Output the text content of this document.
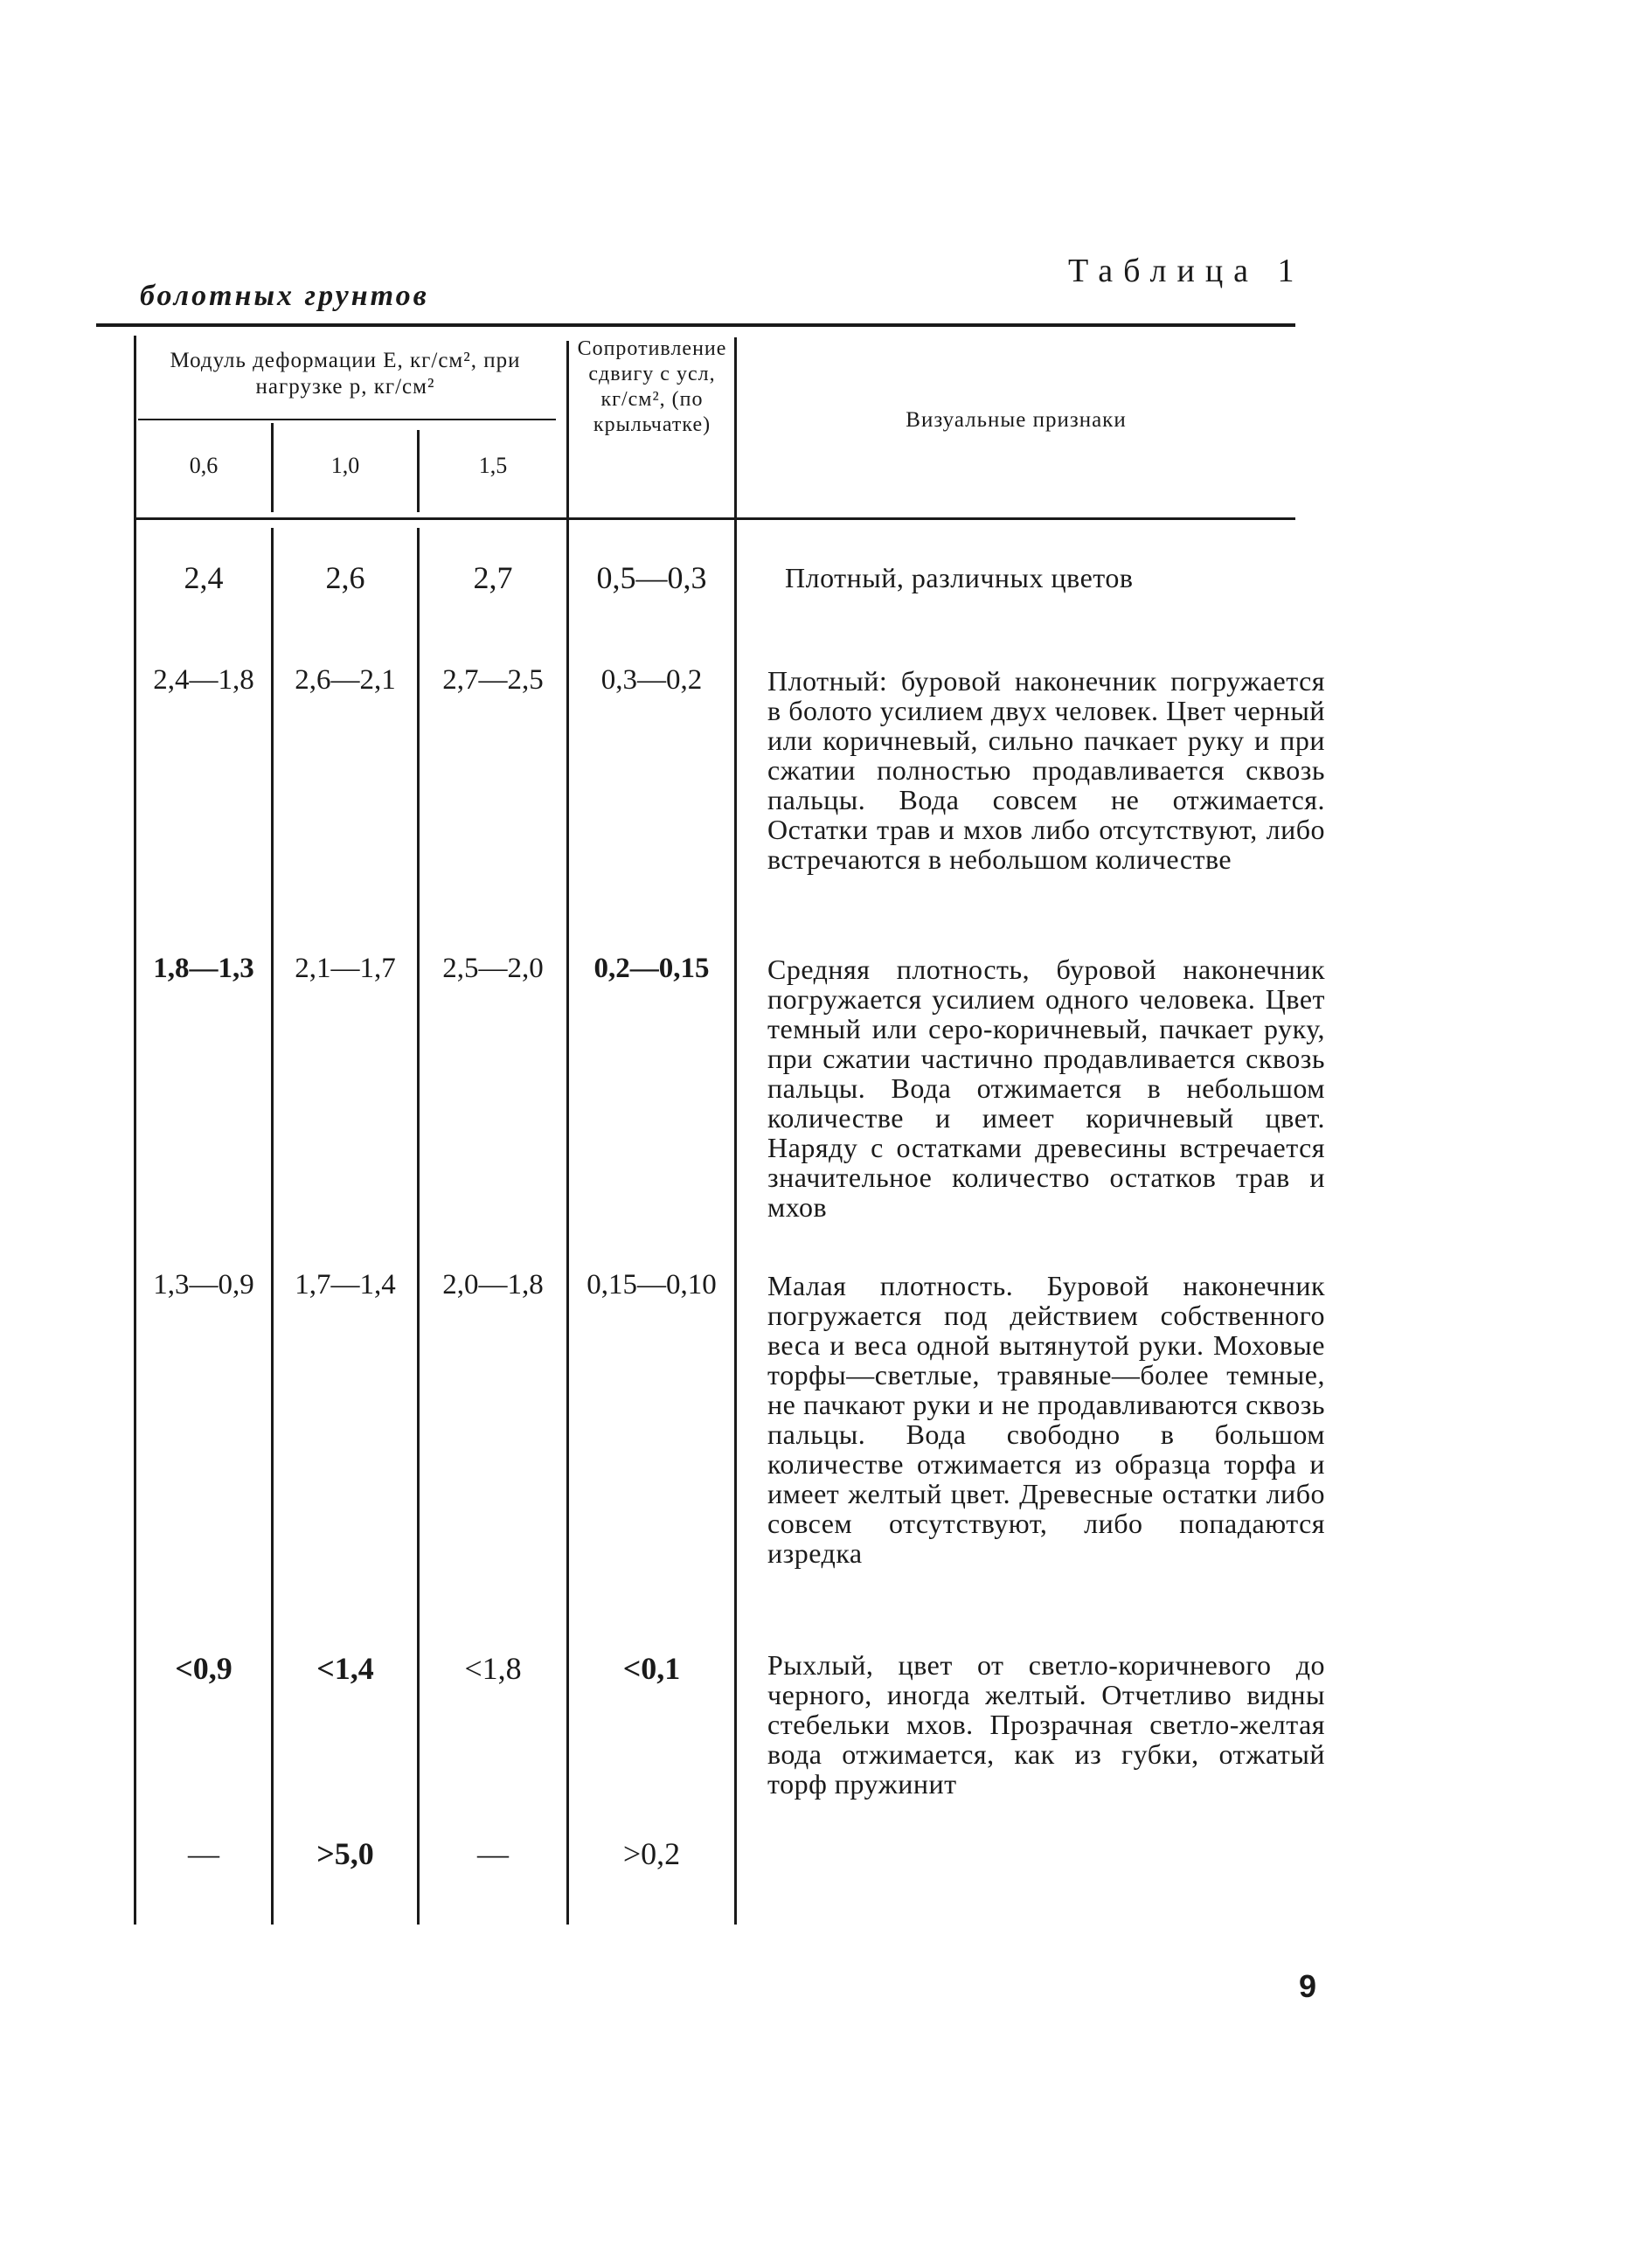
болотных грунтов
Таблица 1
Модуль деформации E, кг/см², при нагрузке p, кг/см²
0,6	1,0	1,5
Сопротивление сдвигу c усл, кг/см², (по крыльчатке)	Визуальные признаки
2,4	2,6	2,7	0,5—0,3	Плотный, различных цветов
2,4—1,8	2,6—2,1	2,7—2,5	0,3—0,2	Плотный: буровой наконечник погружается в болото усилием двух человек. Цвет черный или коричневый, сильно пачкает руку и при сжатии полностью продавливается сквозь пальцы. Вода совсем не отжимается. Остатки трав и мхов либо отсутствуют, либо встречаются в небольшом количестве
1,8—1,3	2,1—1,7	2,5—2,0	0,2—0,15	Средняя плотность, буровой наконечник погружается усилием одного человека. Цвет темный или серо-коричневый, пачкает руку, при сжатии частично продавливается сквозь пальцы. Вода отжимается в небольшом количестве и имеет коричневый цвет. Наряду с остатками древесины встречается значительное количество остатков трав и мхов
1,3—0,9	1,7—1,4	2,0—1,8	0,15—0,10	Малая плотность. Буровой наконечник погружается под действием собственного веса и веса одной вытянутой руки. Моховые торфы—светлые, травяные—более темные, не пачкают руки и не продавливаются сквозь пальцы. Вода свободно в большом количестве отжимается из образца торфа и имеет желтый цвет. Древесные остатки либо совсем отсутствуют, либо попадаются изредка
<0,9	<1,4	<1,8	<0,1	Рыхлый, цвет от светло-коричневого до черного, иногда желтый. Отчетливо видны стебельки мхов. Прозрачная светло-желтая вода отжимается, как из губки, отжатый торф пружинит
—	>5,0	—	>0,2
9
